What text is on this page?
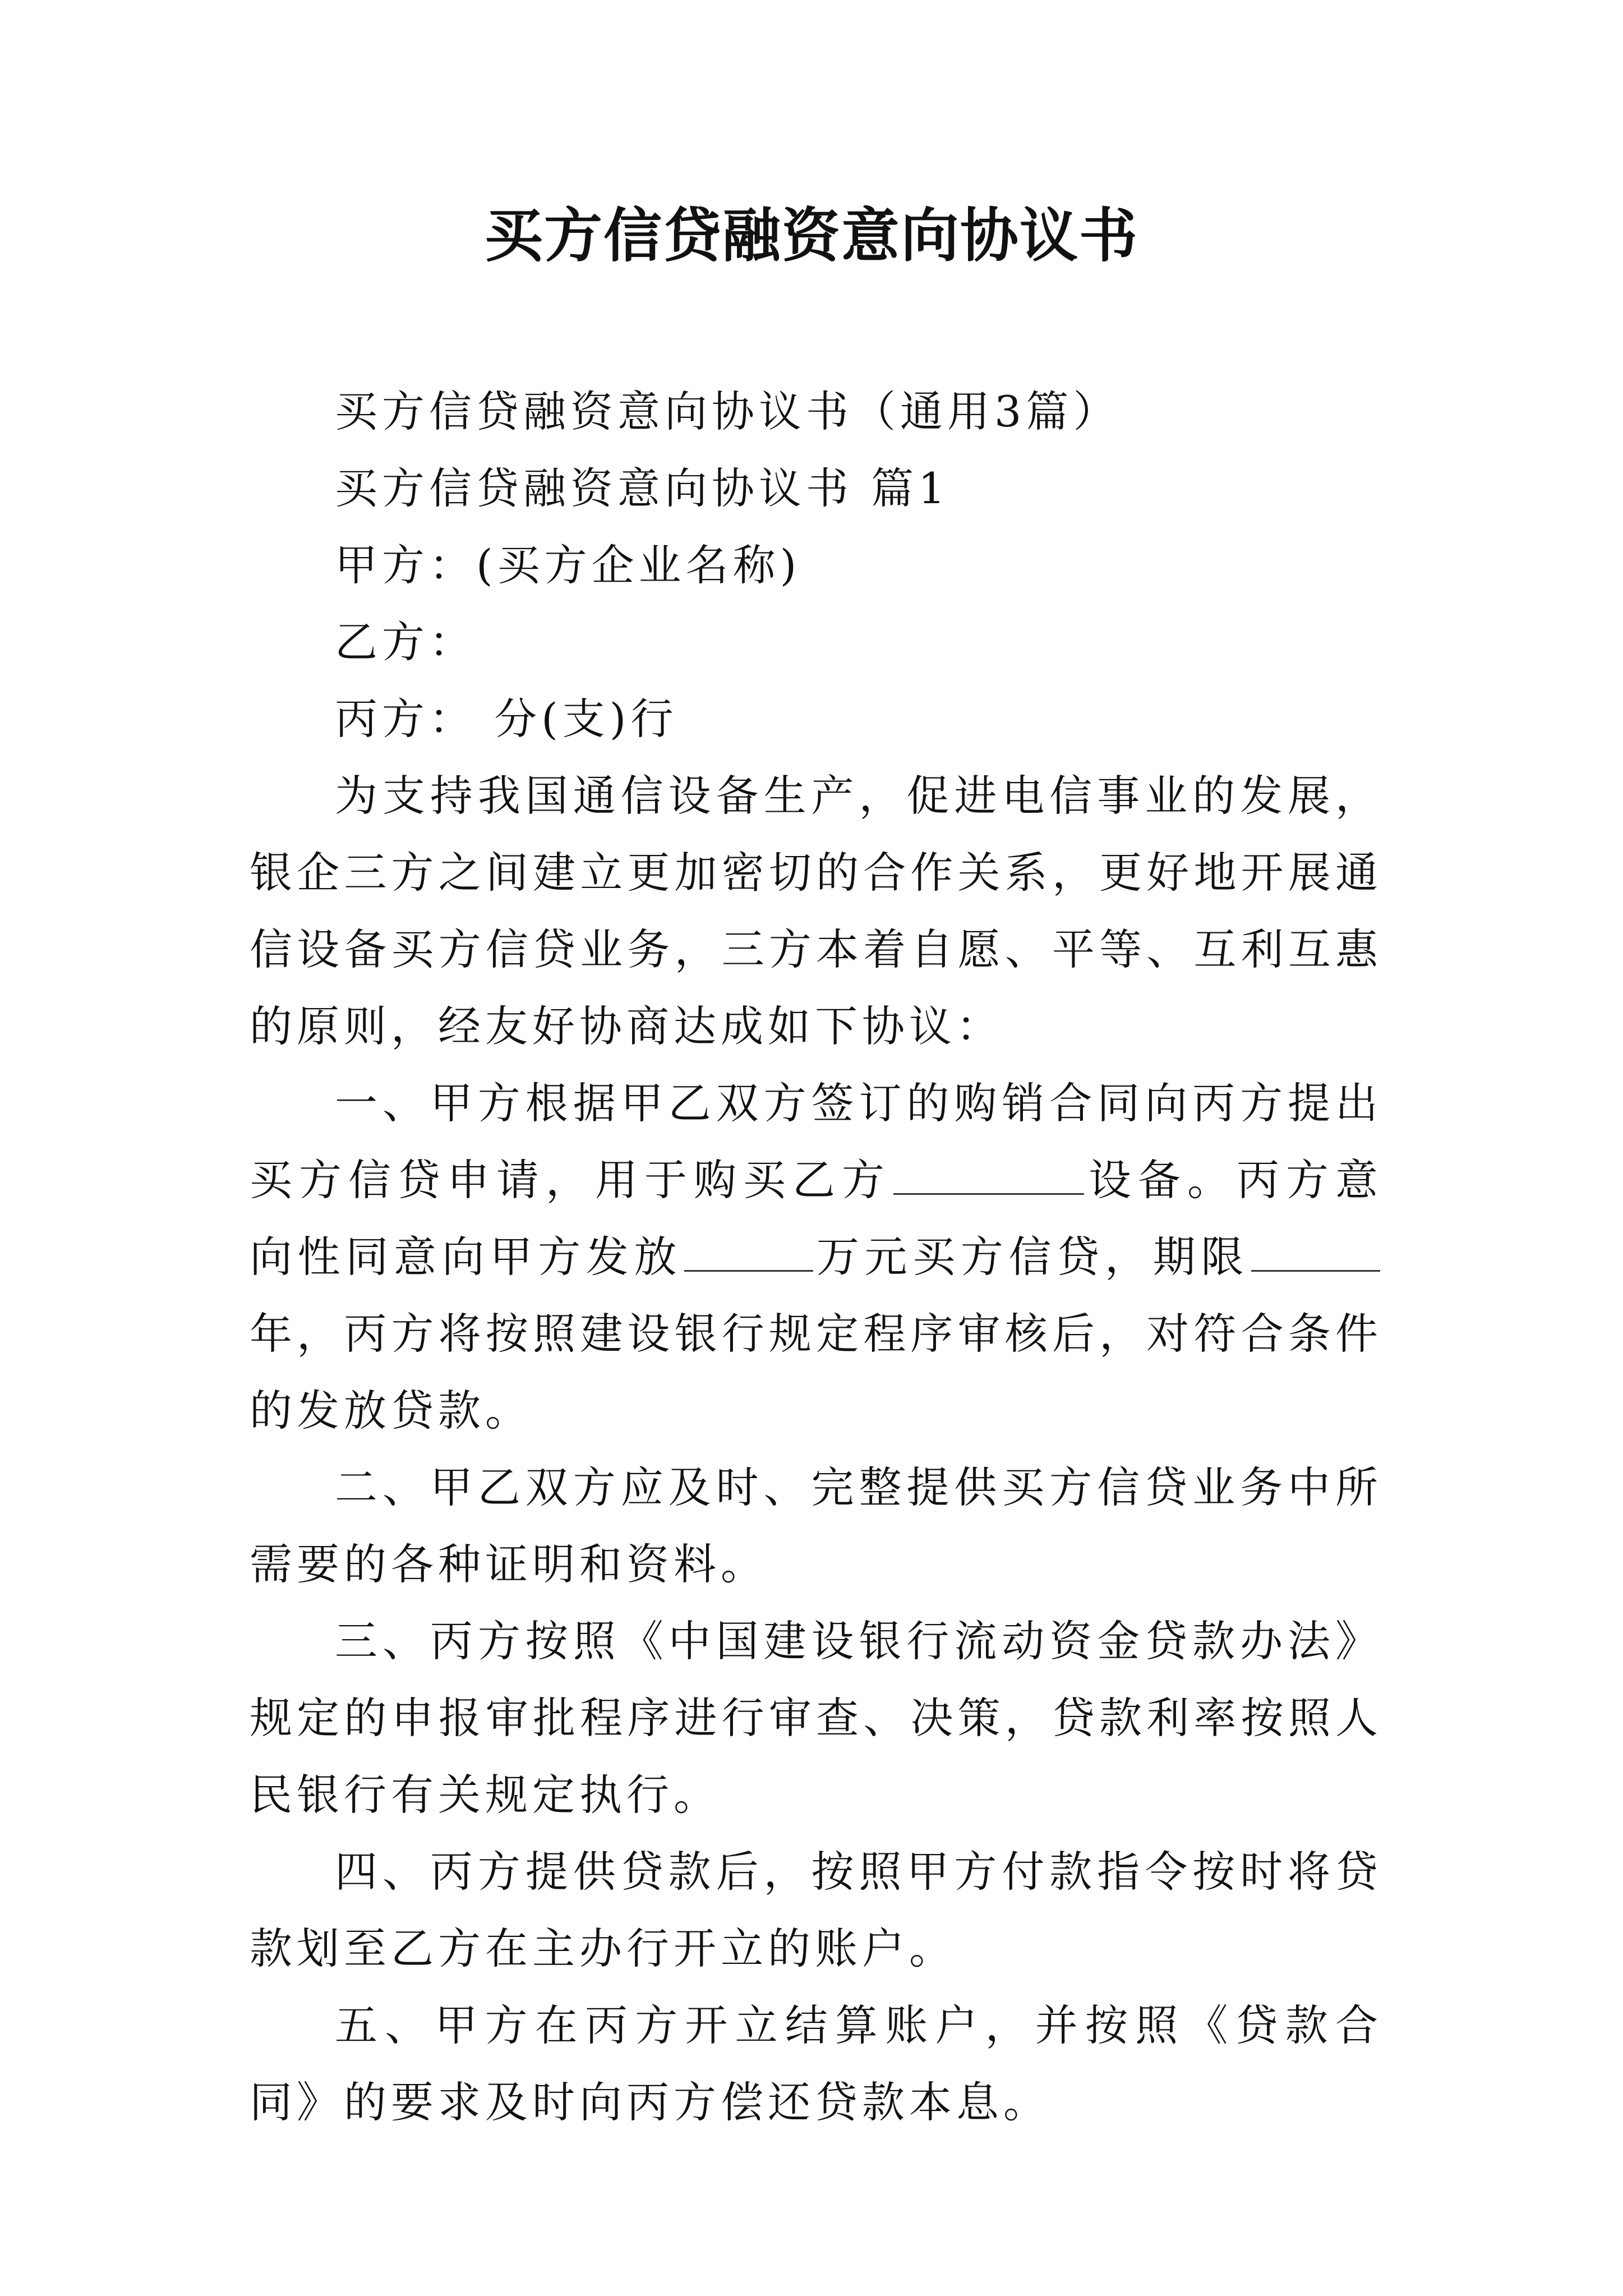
买方信贷融资意向协议书

买方信贷融资意向协议书（通用3篇）

买方信贷融资意向协议书 篇1

甲方：(买方企业名称)

乙方：

丙方： 分(支)行

为支持我国通信设备生产，促进电信事业的发展，银企三方之间建立更加密切的合作关系，更好地开展通信设备买方信贷业务，三方本着自愿、平等、互利互惠的原则，经友好协商达成如下协议：

一、甲方根据甲乙双方签订的购销合同向丙方提出买方信贷申请，用于购买乙方	设备。丙方意向性同意向甲方发放	万元买方信贷，期限年，丙方将按照建设银行规定程序审核后，对符合条件的发放贷款。

二、甲乙双方应及时、完整提供买方信贷业务中所需要的各种证明和资料。

三、丙方按照《中国建设银行流动资金贷款办法》规定的申报审批程序进行审查、决策，贷款利率按照人民银行有关规定执行。

四、丙方提供贷款后，按照甲方付款指令按时将贷款划至乙方在主办行开立的账户。

五、甲方在丙方开立结算账户，并按照《贷款合同》的要求及时向丙方偿还贷款本息。
